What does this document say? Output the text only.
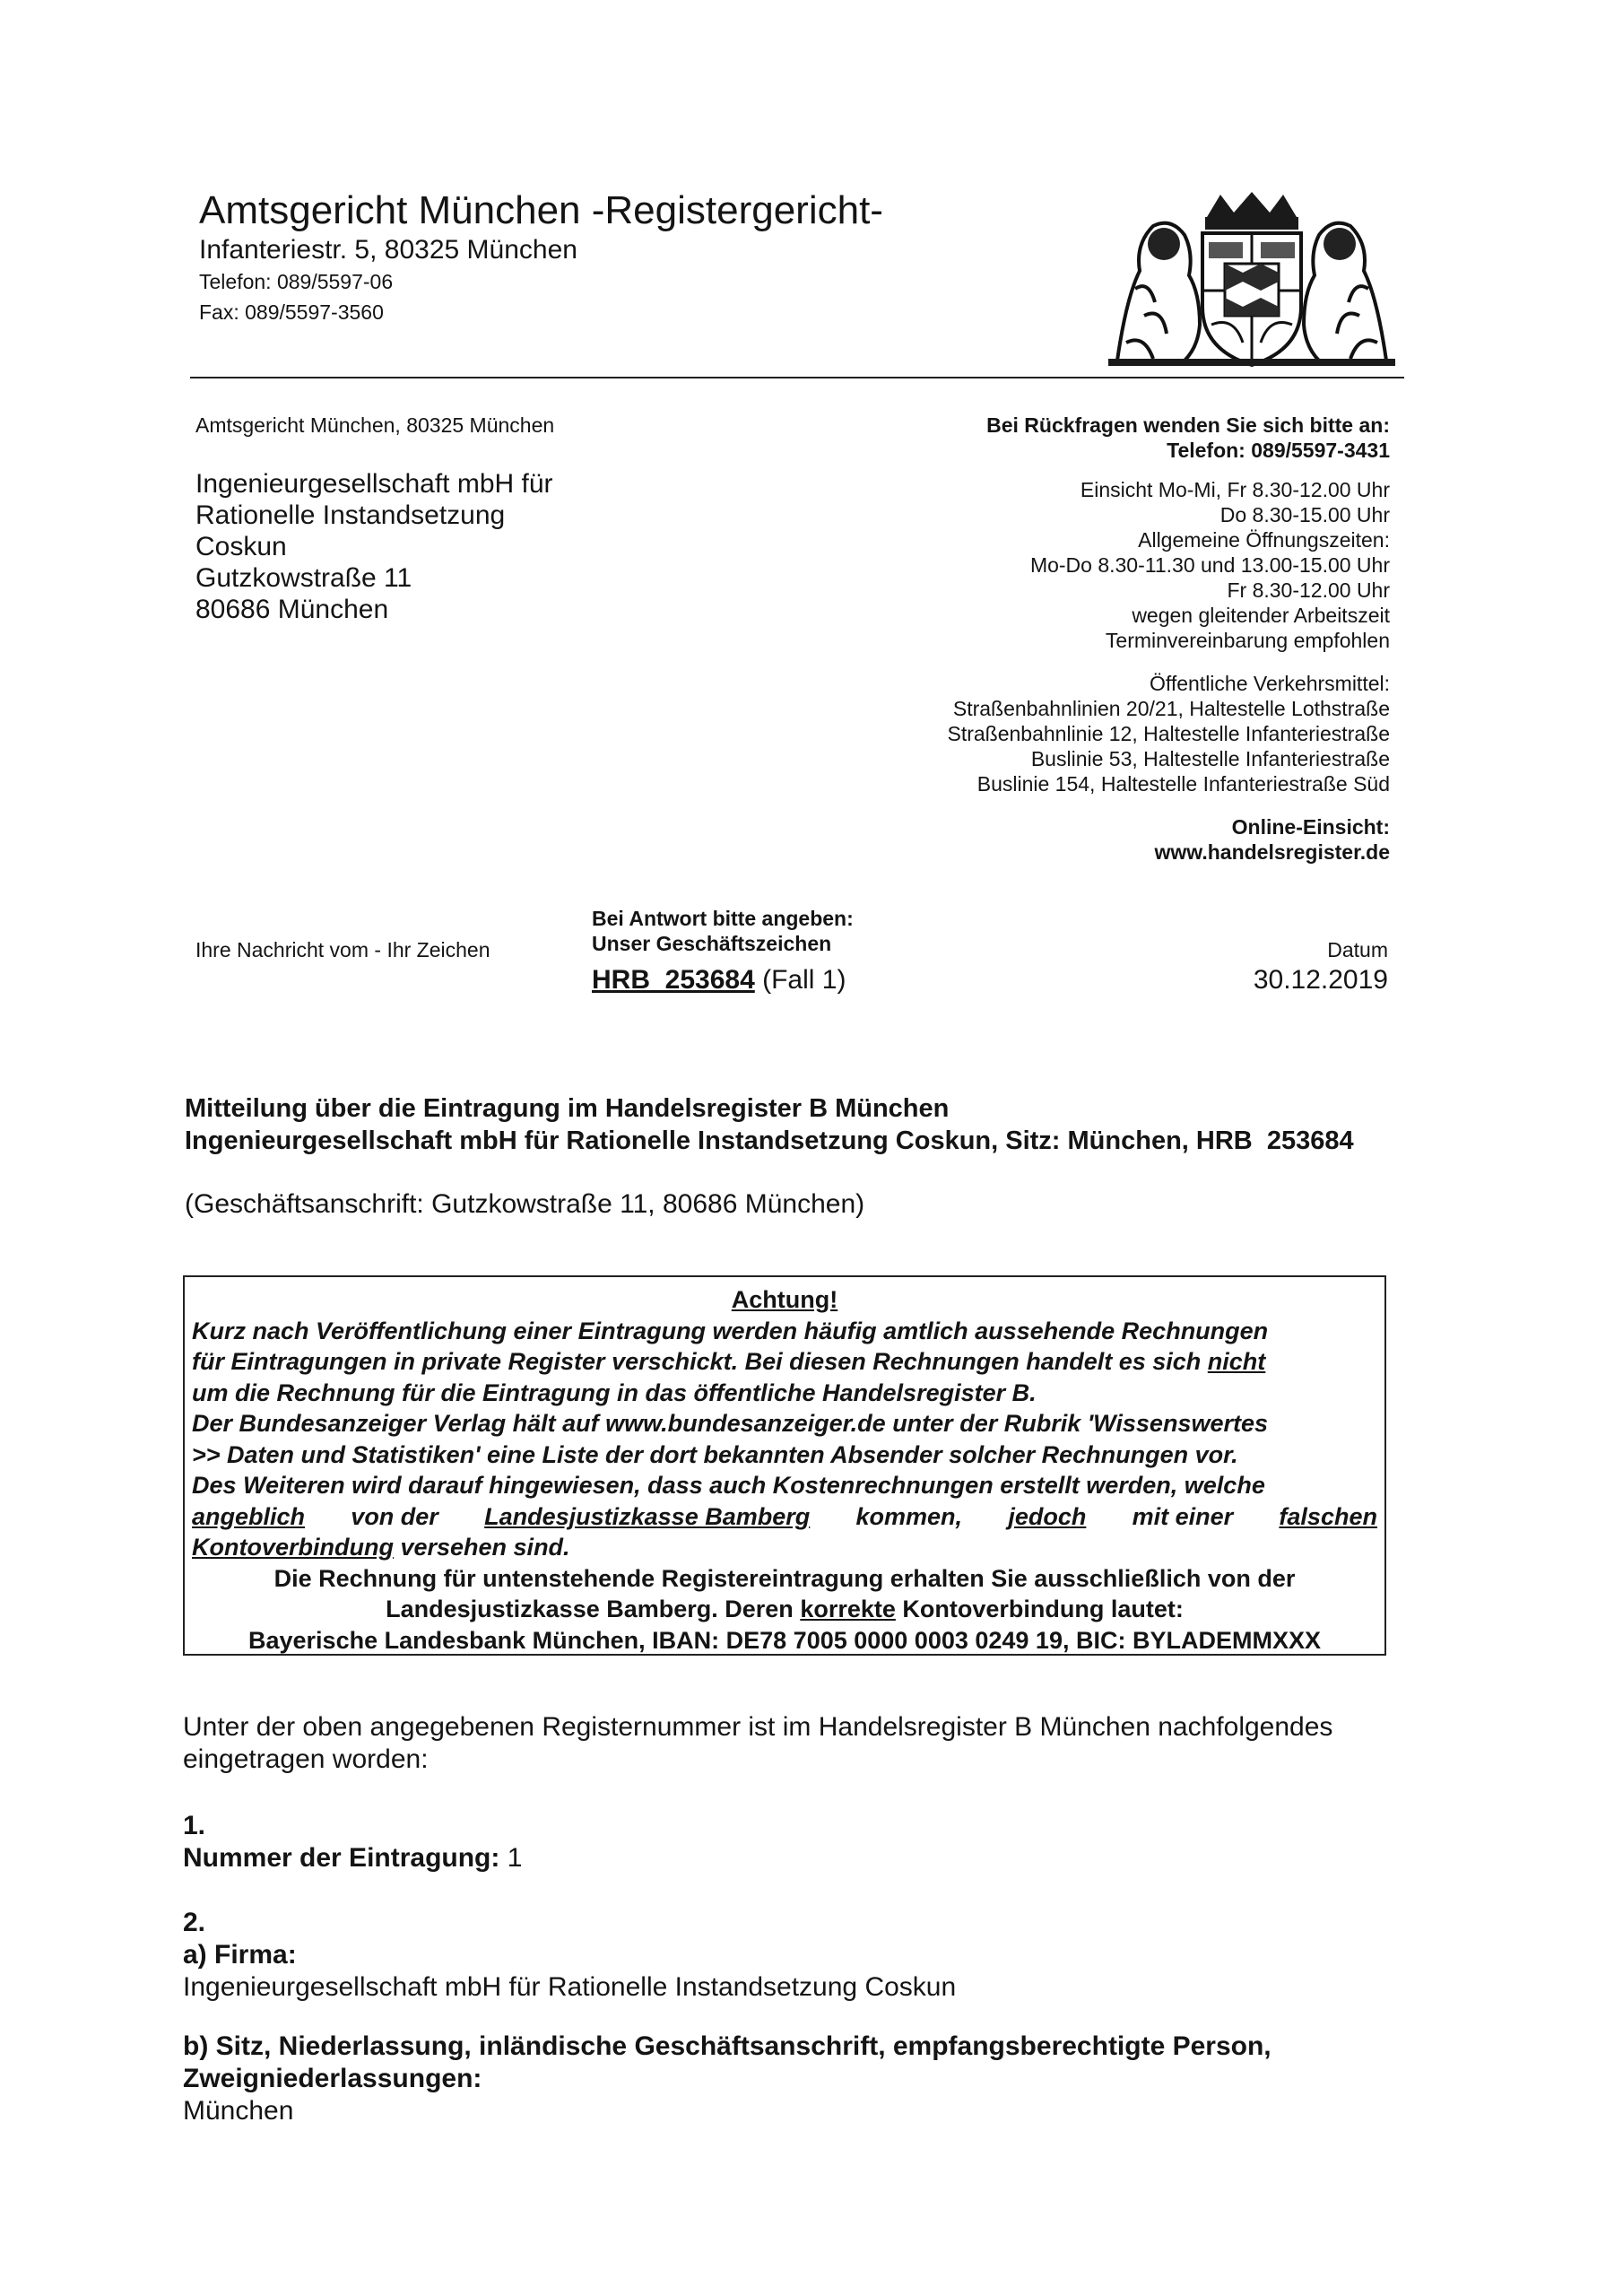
Amtsgericht München -Registergericht-
Infanteriestr. 5, 80325 München
Telefon: 089/5597-06
Fax: 089/5597-3560
Amtsgericht München, 80325 München
Ingenieurgesellschaft mbH für
Rationelle Instandsetzung
Coskun
Gutzkowstraße 11
80686 München
Bei Rückfragen wenden Sie sich bitte an:
Telefon: 089/5597-3431
Einsicht Mo-Mi, Fr 8.30-12.00 Uhr
Do 8.30-15.00 Uhr
Allgemeine Öffnungszeiten:
Mo-Do 8.30-11.30 und 13.00-15.00 Uhr
Fr 8.30-12.00 Uhr
wegen gleitender Arbeitszeit
Terminvereinbarung empfohlen
Öffentliche Verkehrsmittel:
Straßenbahnlinien 20/21, Haltestelle Lothstraße
Straßenbahnlinie 12, Haltestelle Infanteriestraße
Buslinie 53, Haltestelle Infanteriestraße
Buslinie 154, Haltestelle Infanteriestraße Süd
Online-Einsicht:
www.handelsregister.de
Ihre Nachricht vom - Ihr Zeichen
Bei Antwort bitte angeben:
Unser Geschäftszeichen
HRB  253684 (Fall 1)
Datum
30.12.2019
Mitteilung über die Eintragung im Handelsregister B München
Ingenieurgesellschaft mbH für Rationelle Instandsetzung Coskun, Sitz: München, HRB  253684
(Geschäftsanschrift: Gutzkowstraße 11, 80686 München)
Achtung!
Kurz nach Veröffentlichung einer Eintragung werden häufig amtlich aussehende Rechnungen
für Eintragungen in private Register verschickt. Bei diesen Rechnungen handelt es sich nicht
um die Rechnung für die Eintragung in das öffentliche Handelsregister B.
Der Bundesanzeiger Verlag hält auf www.bundesanzeiger.de unter der Rubrik 'Wissenswertes
>> Daten und Statistiken' eine Liste der dort bekannten Absender solcher Rechnungen vor.
Des Weiteren wird darauf hingewiesen, dass auch Kostenrechnungen erstellt werden, welche
angeblich von der Landesjustizkasse Bamberg kommen, jedoch mit einer falschen
Kontoverbindung versehen sind.
Die Rechnung für untenstehende Registereintragung erhalten Sie ausschließlich von der
Landesjustizkasse Bamberg. Deren korrekte Kontoverbindung lautet:
Bayerische Landesbank München, IBAN: DE78 7005 0000 0003 0249 19, BIC: BYLADEMMXXX
Unter der oben angegebenen Registernummer ist im Handelsregister B München nachfolgendes eingetragen worden:
1.
Nummer der Eintragung: 1
2.
a) Firma:
Ingenieurgesellschaft mbH für Rationelle Instandsetzung Coskun
b) Sitz, Niederlassung, inländische Geschäftsanschrift, empfangsberechtigte Person, Zweigniederlassungen:
München
